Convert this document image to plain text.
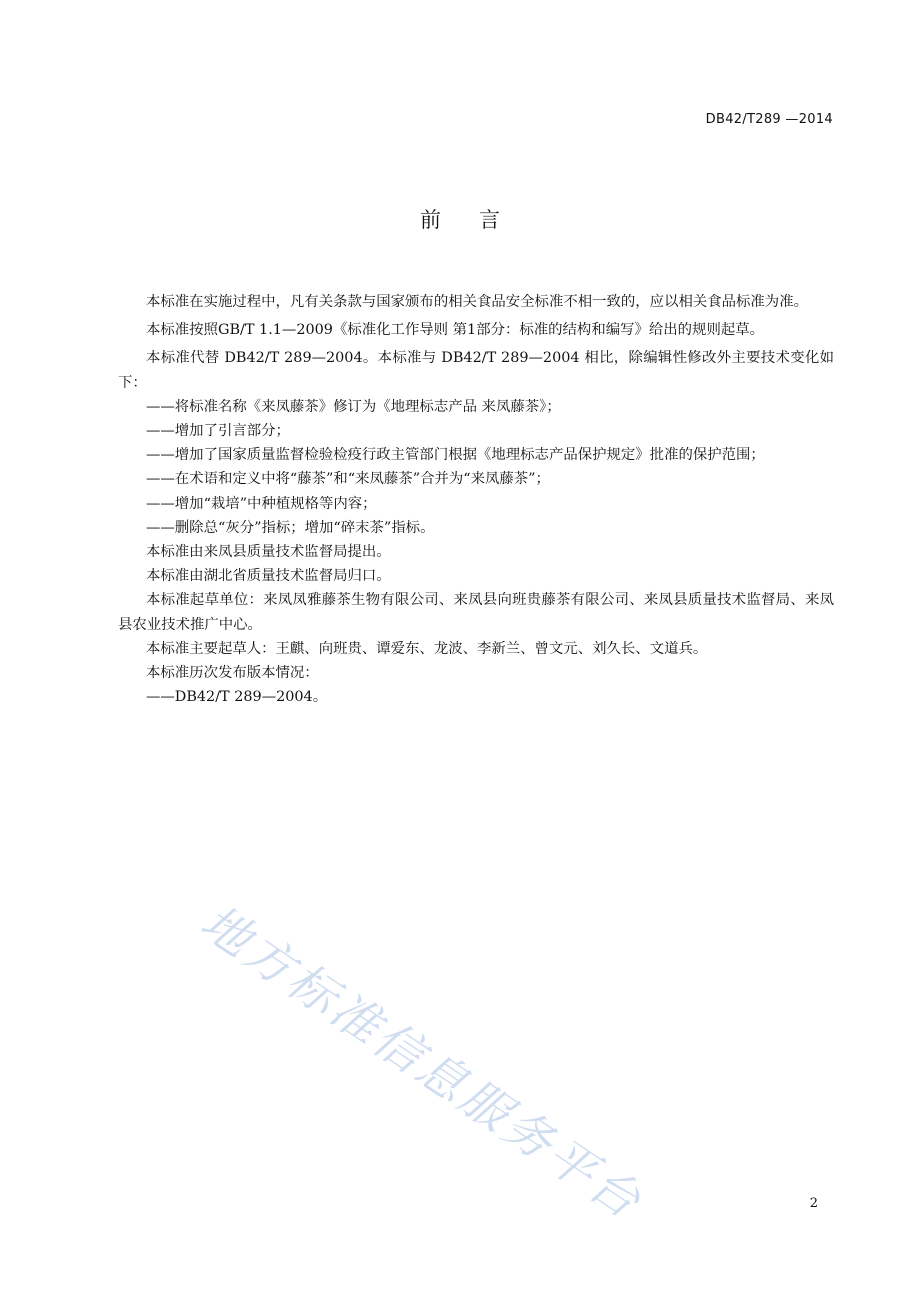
DB42/T289 —2014
前言

本标准在实施过程中，凡有关条款与国家颁布的相关食品安全标准不相一致的，应以相关食品标准为准。

本标准按照GB/T 1.1—2009《标准化工作导则 第1部分：标准的结构和编写》给出的规则起草。

本标准代替 DB42/T 289—2004。本标准与 DB42/T 289—2004 相比，除编辑性修改外主要技术变化如下：

——将标准名称《来凤藤茶》修订为《地理标志产品 来凤藤茶》；

——增加了引言部分；

——增加了国家质量监督检验检疫行政主管部门根据《地理标志产品保护规定》批准的保护范围；

——在术语和定义中将“藤茶”和“来凤藤茶”合并为“来凤藤茶”；

——增加“栽培”中种植规格等内容；

——删除总“灰分”指标；增加“碎末茶”指标。

本标准由来凤县质量技术监督局提出。

本标准由湖北省质量技术监督局归口。

本标准起草单位：来凤凤雅藤茶生物有限公司、来凤县向班贵藤茶有限公司、来凤县质量技术监督局、来凤县农业技术推广中心。

本标准主要起草人：王麒、向班贵、谭爱东、龙波、李新兰、曾文元、刘久长、文道兵。

本标准历次发布版本情况：

——DB42/T 289—2004。

地方标准信息服务平台	2
